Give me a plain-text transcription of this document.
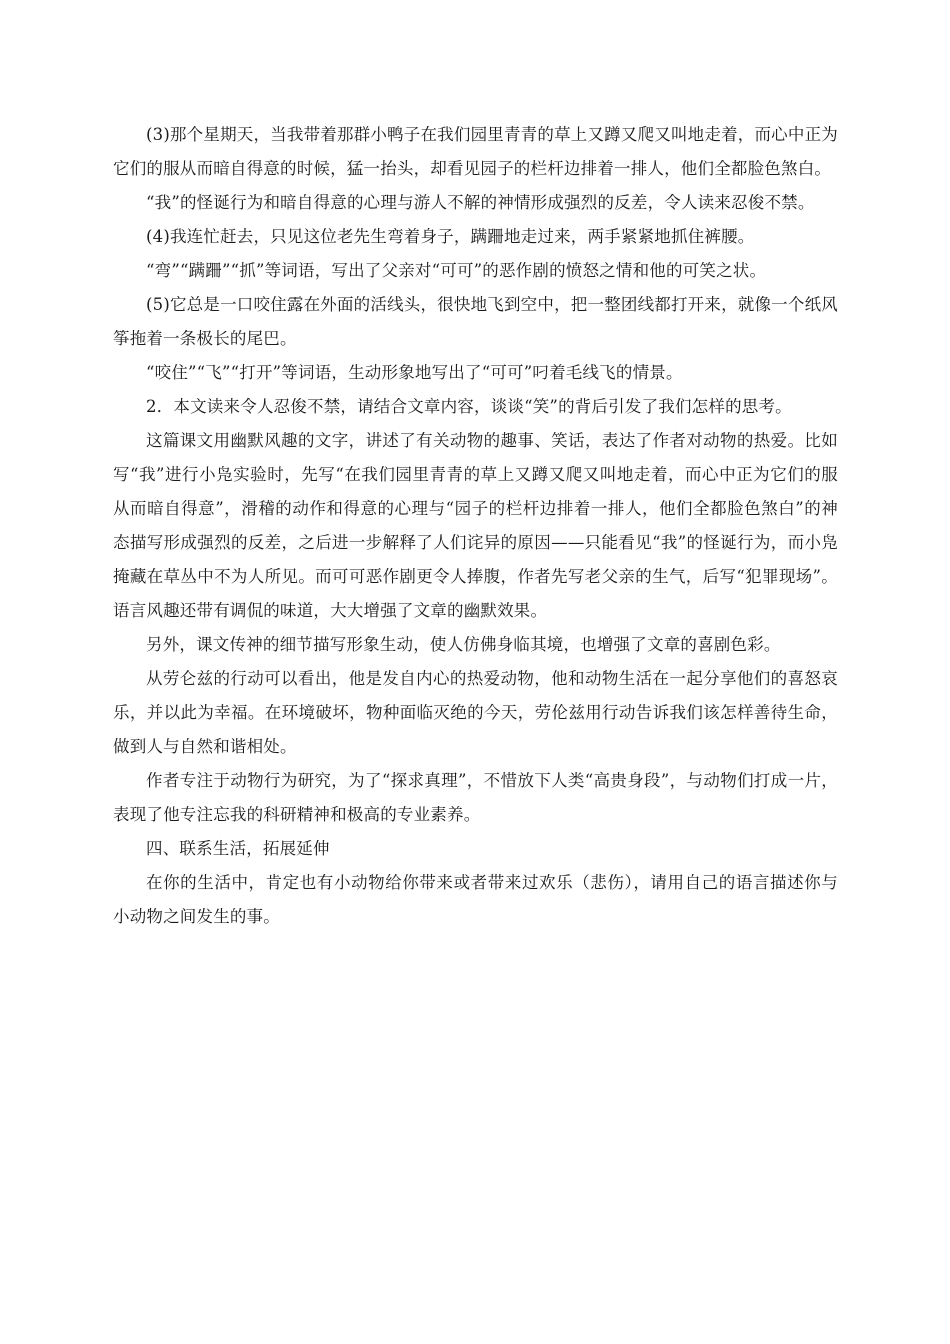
(3)那个星期天，当我带着那群小鸭子在我们园里青青的草上又蹲又爬又叫地走着，而心中正为它们的服从而暗自得意的时候，猛一抬头，却看见园子的栏杆边排着一排人，他们全都脸色煞白。

“我”的怪诞行为和暗自得意的心理与游人不解的神情形成强烈的反差，令人读来忍俊不禁。

(4)我连忙赶去，只见这位老先生弯着身子，蹒跚地走过来，两手紧紧地抓住裤腰。

“弯”“蹒跚”“抓”等词语，写出了父亲对“可可”的恶作剧的愤怒之情和他的可笑之状。

(5)它总是一口咬住露在外面的活线头，很快地飞到空中，把一整团线都打开来，就像一个纸风筝拖着一条极长的尾巴。

“咬住”“飞”“打开”等词语，生动形象地写出了“可可”叼着毛线飞的情景。

2．本文读来令人忍俊不禁，请结合文章内容，谈谈“笑”的背后引发了我们怎样的思考。

这篇课文用幽默风趣的文字，讲述了有关动物的趣事、笑话，表达了作者对动物的热爱。比如写“我”进行小凫实验时，先写“在我们园里青青的草上又蹲又爬又叫地走着，而心中正为它们的服从而暗自得意”，滑稽的动作和得意的心理与“园子的栏杆边排着一排人，他们全都脸色煞白”的神态描写形成强烈的反差，之后进一步解释了人们诧异的原因——只能看见“我”的怪诞行为，而小凫掩藏在草丛中不为人所见。而可可恶作剧更令人捧腹，作者先写老父亲的生气，后写“犯罪现场”。语言风趣还带有调侃的味道，大大增强了文章的幽默效果。

另外，课文传神的细节描写形象生动，使人仿佛身临其境，也增强了文章的喜剧色彩。

从劳仑兹的行动可以看出，他是发自内心的热爱动物，他和动物生活在一起分享他们的喜怒哀乐，并以此为幸福。在环境破坏，物种面临灭绝的今天，劳伦兹用行动告诉我们该怎样善待生命，做到人与自然和谐相处。

作者专注于动物行为研究，为了“探求真理”，不惜放下人类“高贵身段”，与动物们打成一片，表现了他专注忘我的科研精神和极高的专业素养。

四、联系生活，拓展延伸

在你的生活中，肯定也有小动物给你带来或者带来过欢乐（悲伤），请用自己的语言描述你与小动物之间发生的事。
